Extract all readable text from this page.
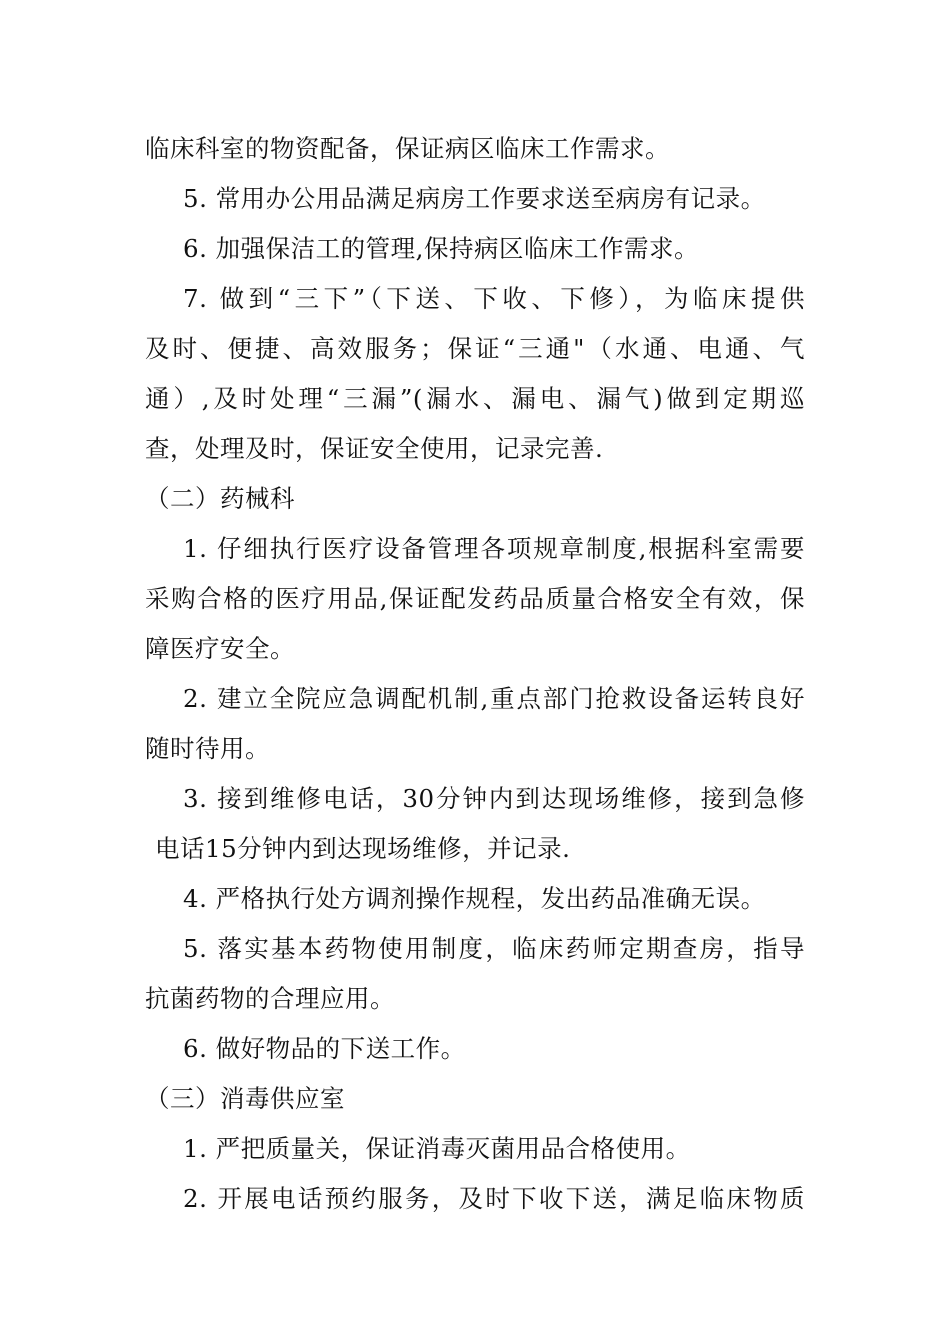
临床科室的物资配备，保证病区临床工作需求。
5. 常用办公用品满足病房工作要求送至病房有记录。
6. 加强保洁工的管理,保持病区临床工作需求。
7. 做到“三下”（下送、下收、下修），为临床提供
及时、便捷、高效服务；保证“三通"（水通、电通、气
通）,及时处理“三漏”(漏水、漏电、漏气)做到定期巡
查，处理及时，保证安全使用，记录完善.
（二）药械科
1. 仔细执行医疗设备管理各项规章制度,根据科室需要
采购合格的医疗用品,保证配发药品质量合格安全有效，保
障医疗安全。
2. 建立全院应急调配机制,重点部门抢救设备运转良好
随时待用。
3. 接到维修电话，30分钟内到达现场维修，接到急修
电话15分钟内到达现场维修，并记录.
4. 严格执行处方调剂操作规程，发出药品准确无误。
5. 落实基本药物使用制度，临床药师定期查房，指导
抗菌药物的合理应用。
6. 做好物品的下送工作。
（三）消毒供应室
1. 严把质量关，保证消毒灭菌用品合格使用。
2. 开展电话预约服务，及时下收下送，满足临床物质
